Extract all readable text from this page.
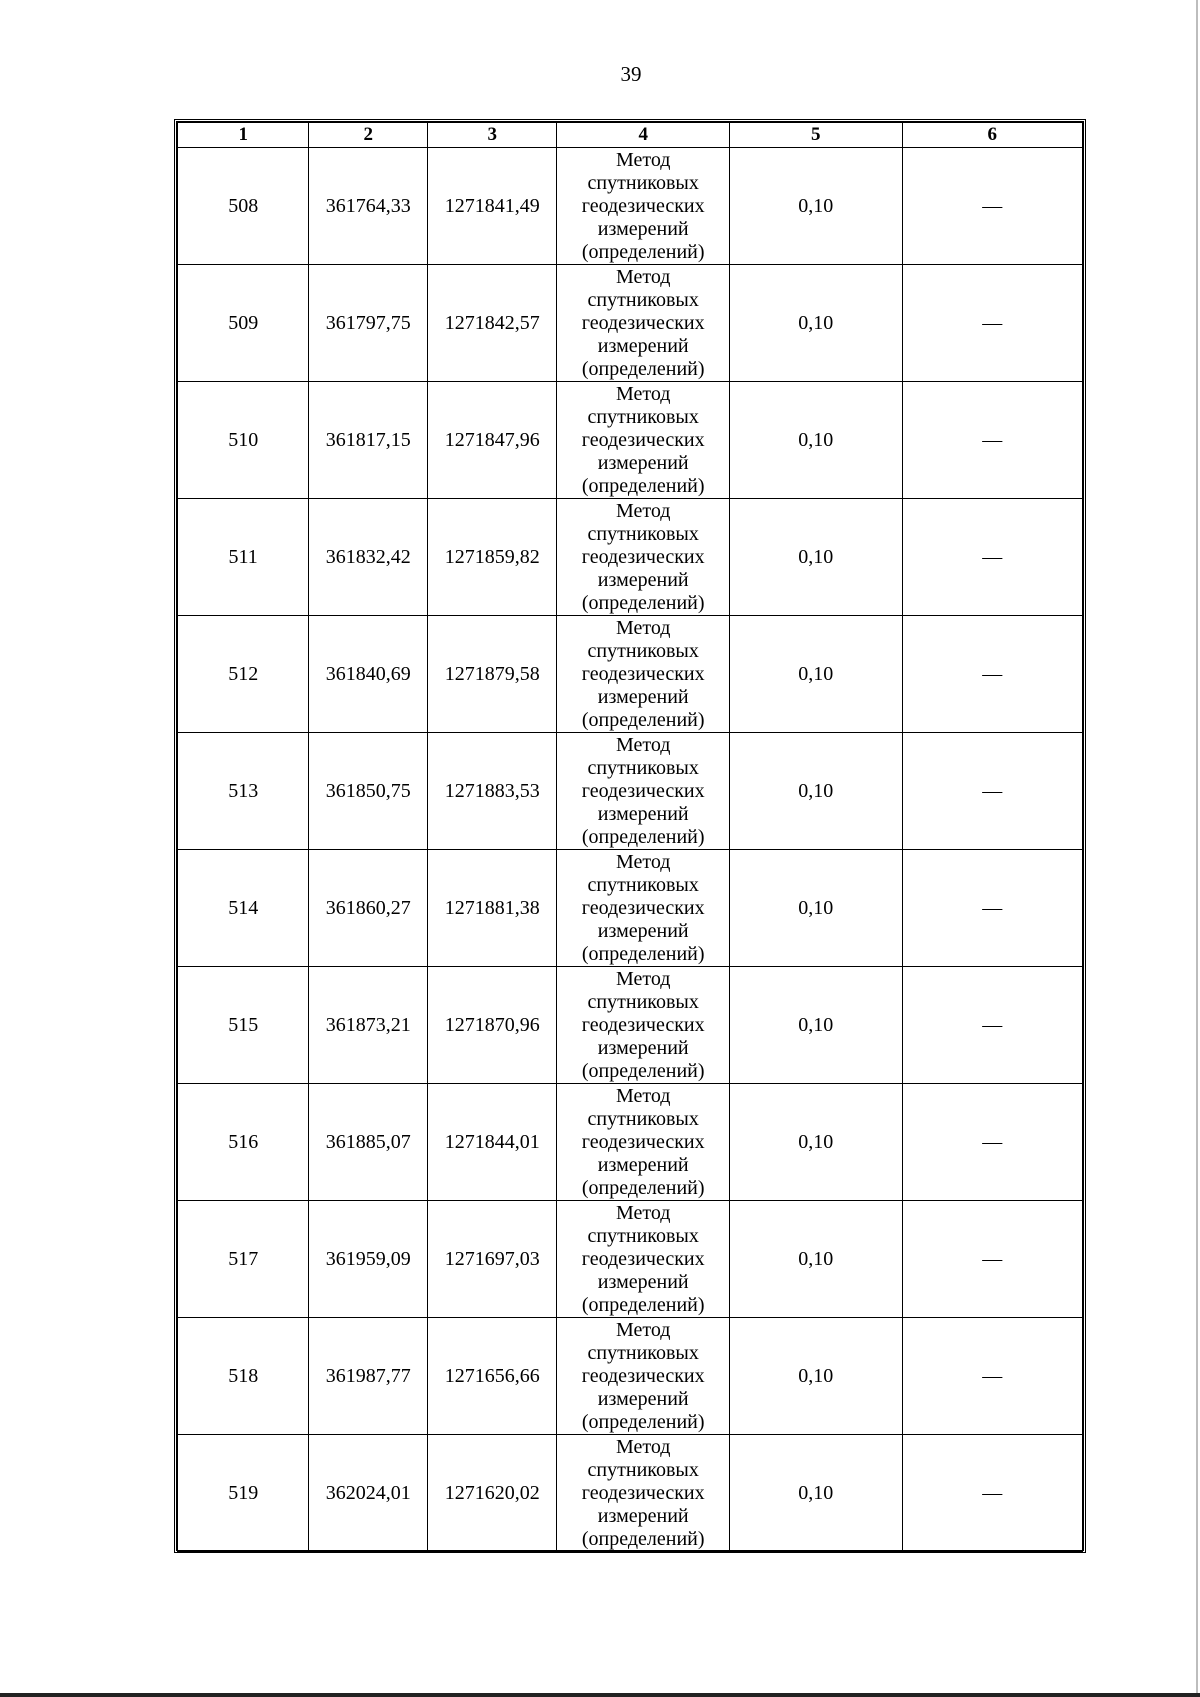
39
1	2	3	4	5	6
508	361764,33	1271841,49	Метод
спутниковых
геодезических
измерений
(определений)	0,10	—
509	361797,75	1271842,57	Метод
спутниковых
геодезических
измерений
(определений)	0,10	—
510	361817,15	1271847,96	Метод
спутниковых
геодезических
измерений
(определений)	0,10	—
511	361832,42	1271859,82	Метод
спутниковых
геодезических
измерений
(определений)	0,10	—
512	361840,69	1271879,58	Метод
спутниковых
геодезических
измерений
(определений)	0,10	—
513	361850,75	1271883,53	Метод
спутниковых
геодезических
измерений
(определений)	0,10	—
514	361860,27	1271881,38	Метод
спутниковых
геодезических
измерений
(определений)	0,10	—
515	361873,21	1271870,96	Метод
спутниковых
геодезических
измерений
(определений)	0,10	—
516	361885,07	1271844,01	Метод
спутниковых
геодезических
измерений
(определений)	0,10	—
517	361959,09	1271697,03	Метод
спутниковых
геодезических
измерений
(определений)	0,10	—
518	361987,77	1271656,66	Метод
спутниковых
геодезических
измерений
(определений)	0,10	—
519	362024,01	1271620,02	Метод
спутниковых
геодезических
измерений
(определений)	0,10	—
